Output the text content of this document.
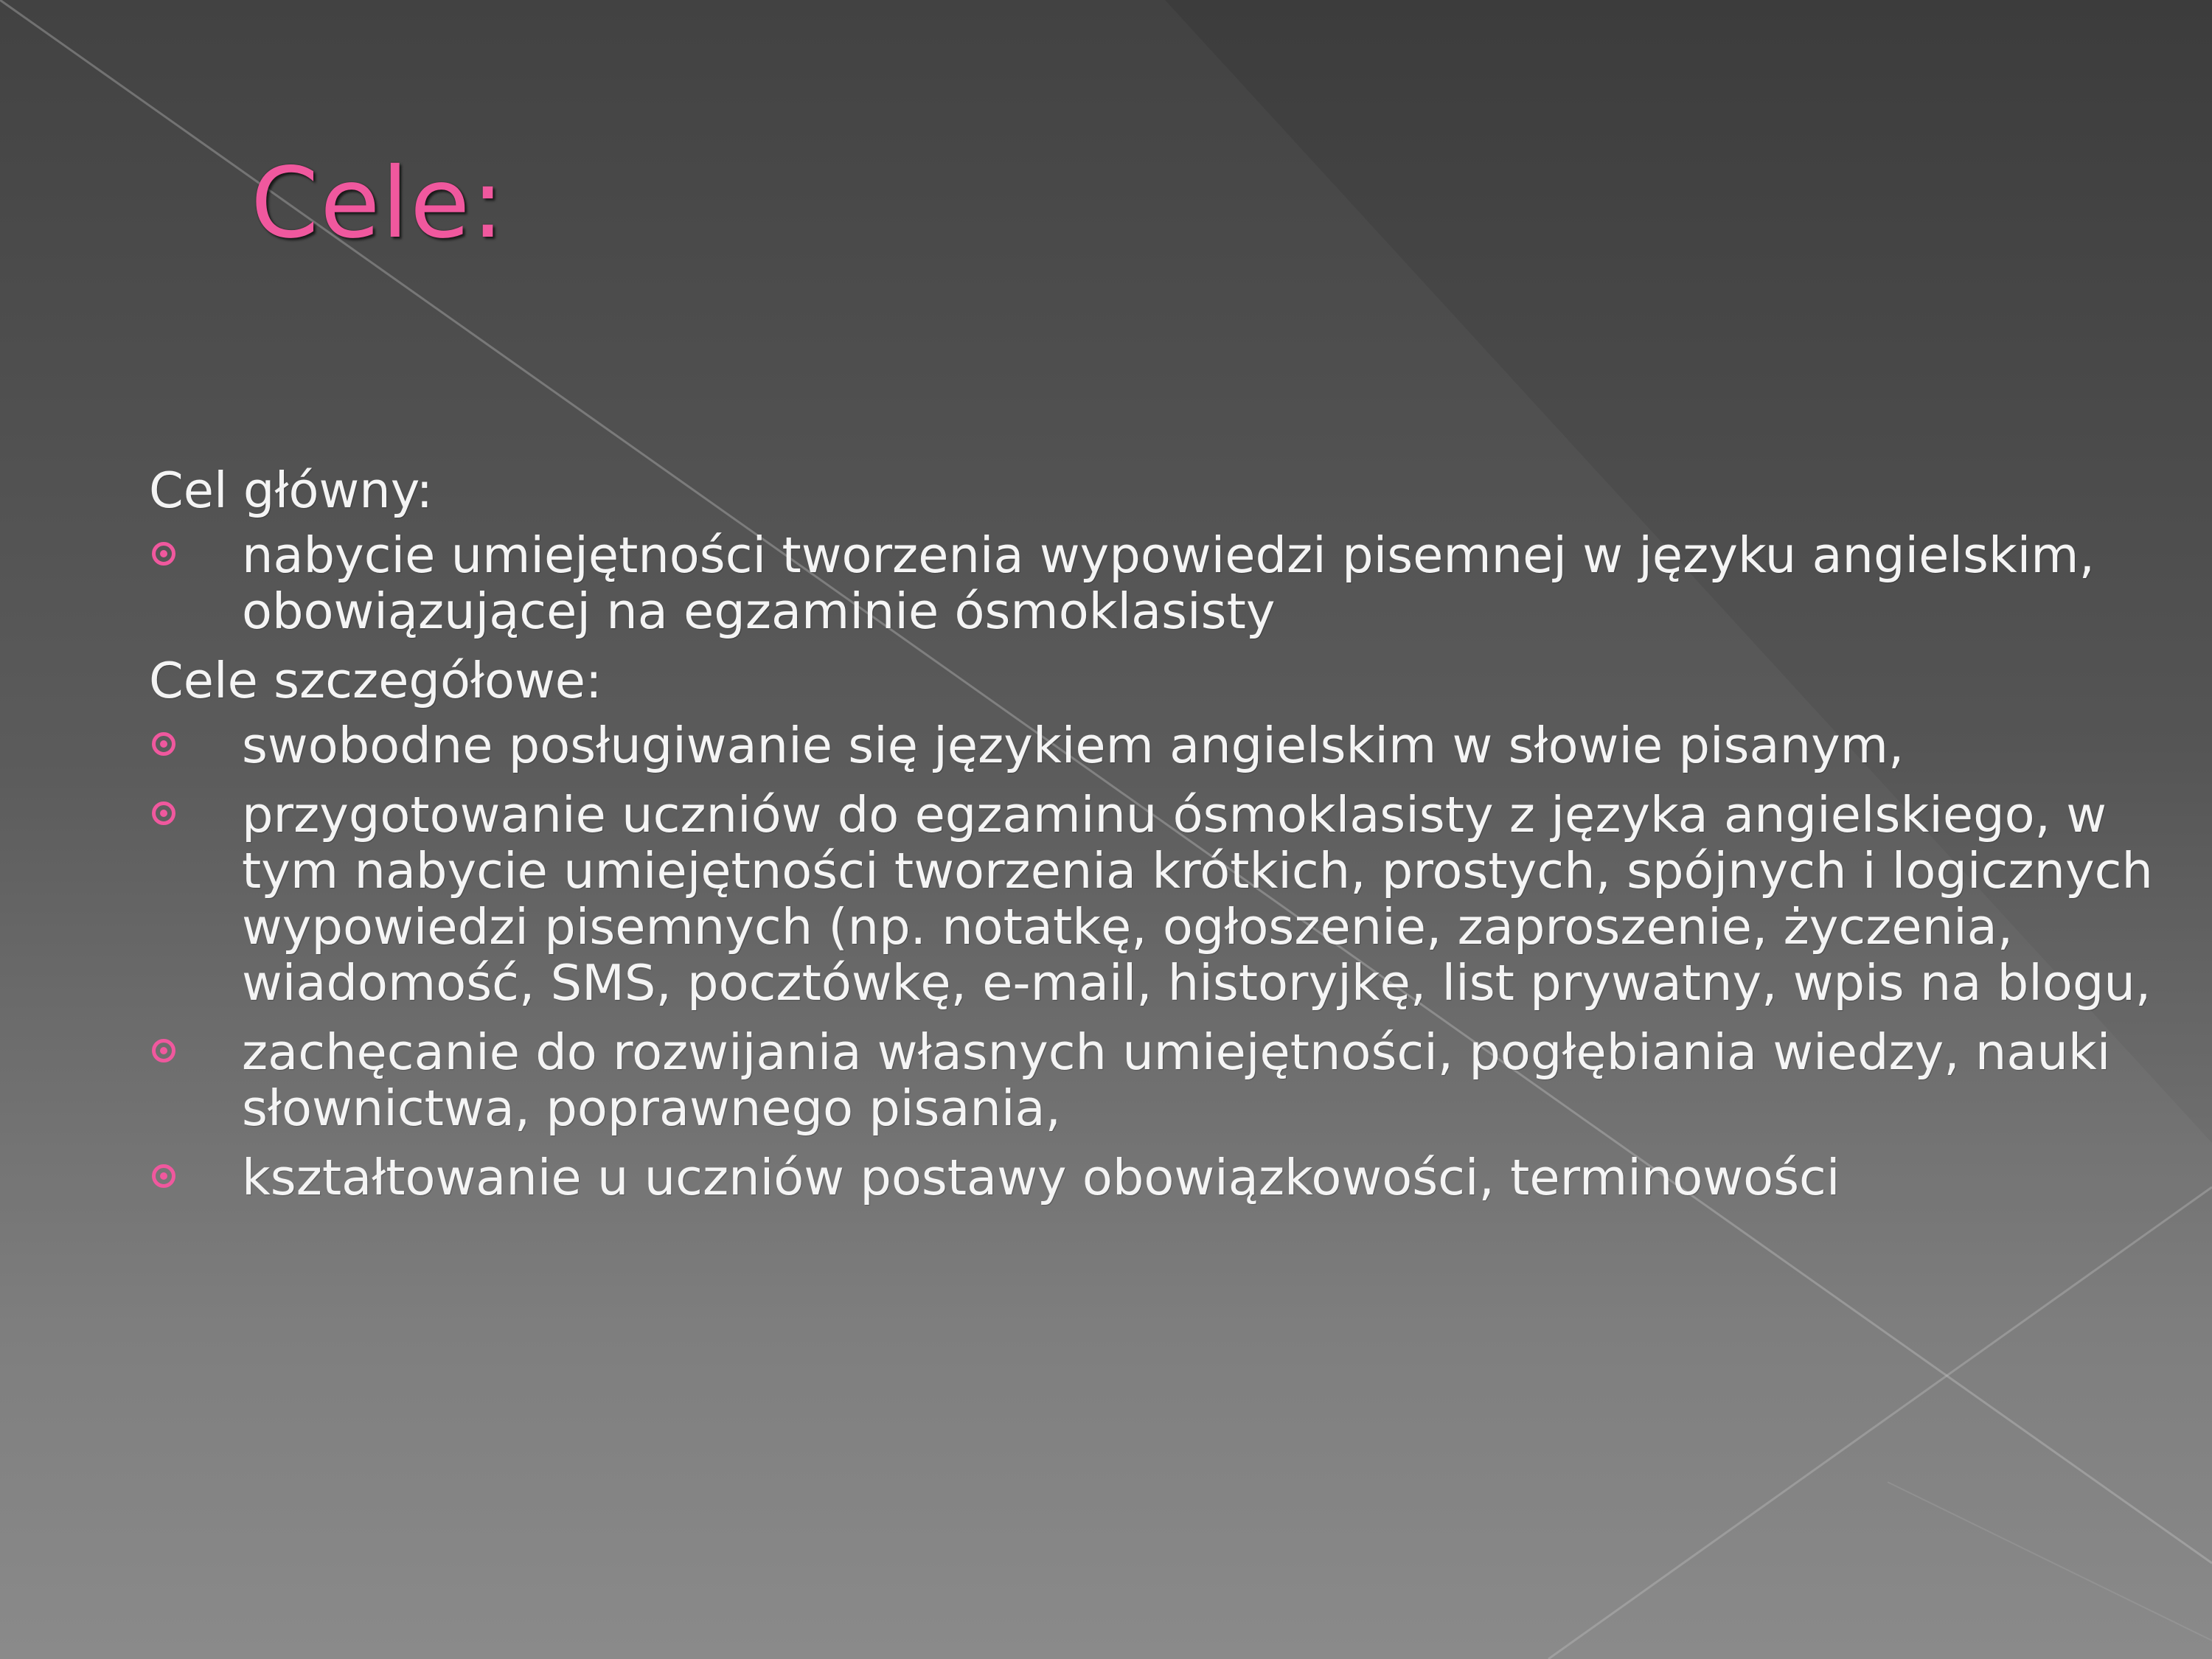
Cele:

Cel główny:

nabycie umiejętności tworzenia wypowiedzi pisemnej w języku angielskim, obowiązującej na egzaminie ósmoklasisty

Cele szczegółowe:

swobodne posługiwanie się językiem angielskim w słowie pisanym,
przygotowanie uczniów do egzaminu ósmoklasisty z języka angielskiego, w tym nabycie umiejętności tworzenia krótkich, prostych, spójnych i logicznych wypowiedzi pisemnych (np. notatkę, ogłoszenie, zaproszenie, życzenia, wiadomość, SMS, pocztówkę, e-mail, historyjkę, list prywatny, wpis na blogu,
zachęcanie do rozwijania własnych umiejętności, pogłębiania wiedzy, nauki słownictwa, poprawnego pisania,
kształtowanie u uczniów postawy obowiązkowości, terminowości
